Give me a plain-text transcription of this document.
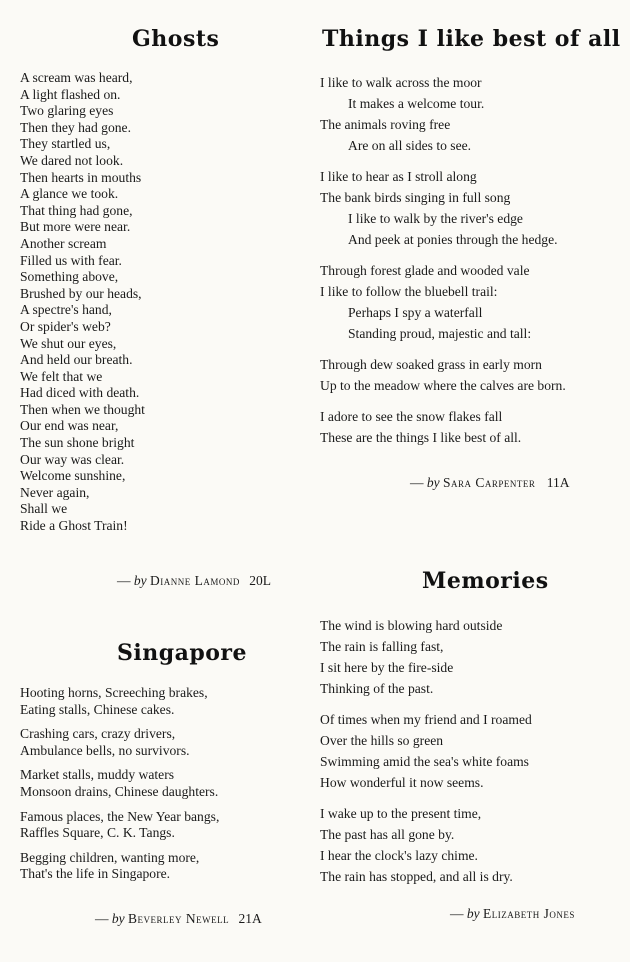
Ghosts
A scream was heard,
A light flashed on.
Two glaring eyes
Then they had gone.
They startled us,
We dared not look.
Then hearts in mouths
A glance we took.
That thing had gone,
But more were near.
Another scream
Filled us with fear.
Something above,
Brushed by our heads,
A spectre's hand,
Or spider's web?
We shut our eyes,
And held our breath.
We felt that we
Had diced with death.
Then when we thought
Our end was near,
The sun shone bright
Our way was clear.
Welcome sunshine,
Never again,
Shall we
Ride a Ghost Train!
— by Dianne Lamond 20L
Things I like best of all
I like to walk across the moor
It makes a welcome tour.
The animals roving free
Are on all sides to see.
I like to hear as I stroll along
The bank birds singing in full song
I like to walk by the river's edge
And peek at ponies through the hedge.
Through forest glade and wooded vale
I like to follow the bluebell trail:
Perhaps I spy a waterfall
Standing proud, majestic and tall:
Through dew soaked grass in early morn
Up to the meadow where the calves are born.
I adore to see the snow flakes fall
These are the things I like best of all.
— by Sara Carpenter 11A
Singapore
Hooting horns, Screeching brakes,
Eating stalls, Chinese cakes.
Crashing cars, crazy drivers,
Ambulance bells, no survivors.
Market stalls, muddy waters
Monsoon drains, Chinese daughters.
Famous places, the New Year bangs,
Raffles Square, C. K. Tangs.
Begging children, wanting more,
That's the life in Singapore.
— by Beverley Newell 21A
Memories
The wind is blowing hard outside
The rain is falling fast,
I sit here by the fire-side
Thinking of the past.
Of times when my friend and I roamed
Over the hills so green
Swimming amid the sea's white foams
How wonderful it now seems.
I wake up to the present time,
The past has all gone by.
I hear the clock's lazy chime.
The rain has stopped, and all is dry.
— by Elizabeth Jones
